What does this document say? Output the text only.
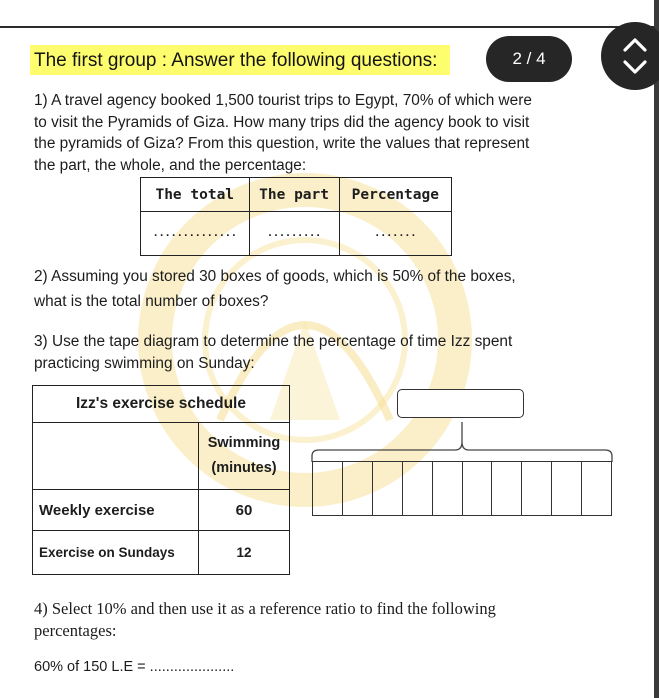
The first group : Answer the following questions:	2 / 4
1) A travel agency booked 1,500 tourist trips to Egypt, 70% of which were
to visit the Pyramids of Giza. How many trips did the agency book to visit
the pyramids of Giza? From this question, write the values that represent
the part, the whole, and the percentage:
The total	The part	Percentage
..............	.........	.......
2) Assuming you stored 30 boxes of goods, which is 50% of the boxes,
what is the total number of boxes?
3) Use the tape diagram to determine the percentage of time Izz spent
practicing swimming on Sunday:
Izz's exercise schedule	

	Swimming
(minutes)

Weekly exercise	60
Exercise on Sundays	12
4) Select 10% and then use it as a reference ratio to find the following
percentages:
60% of 150 L.E = .....................
